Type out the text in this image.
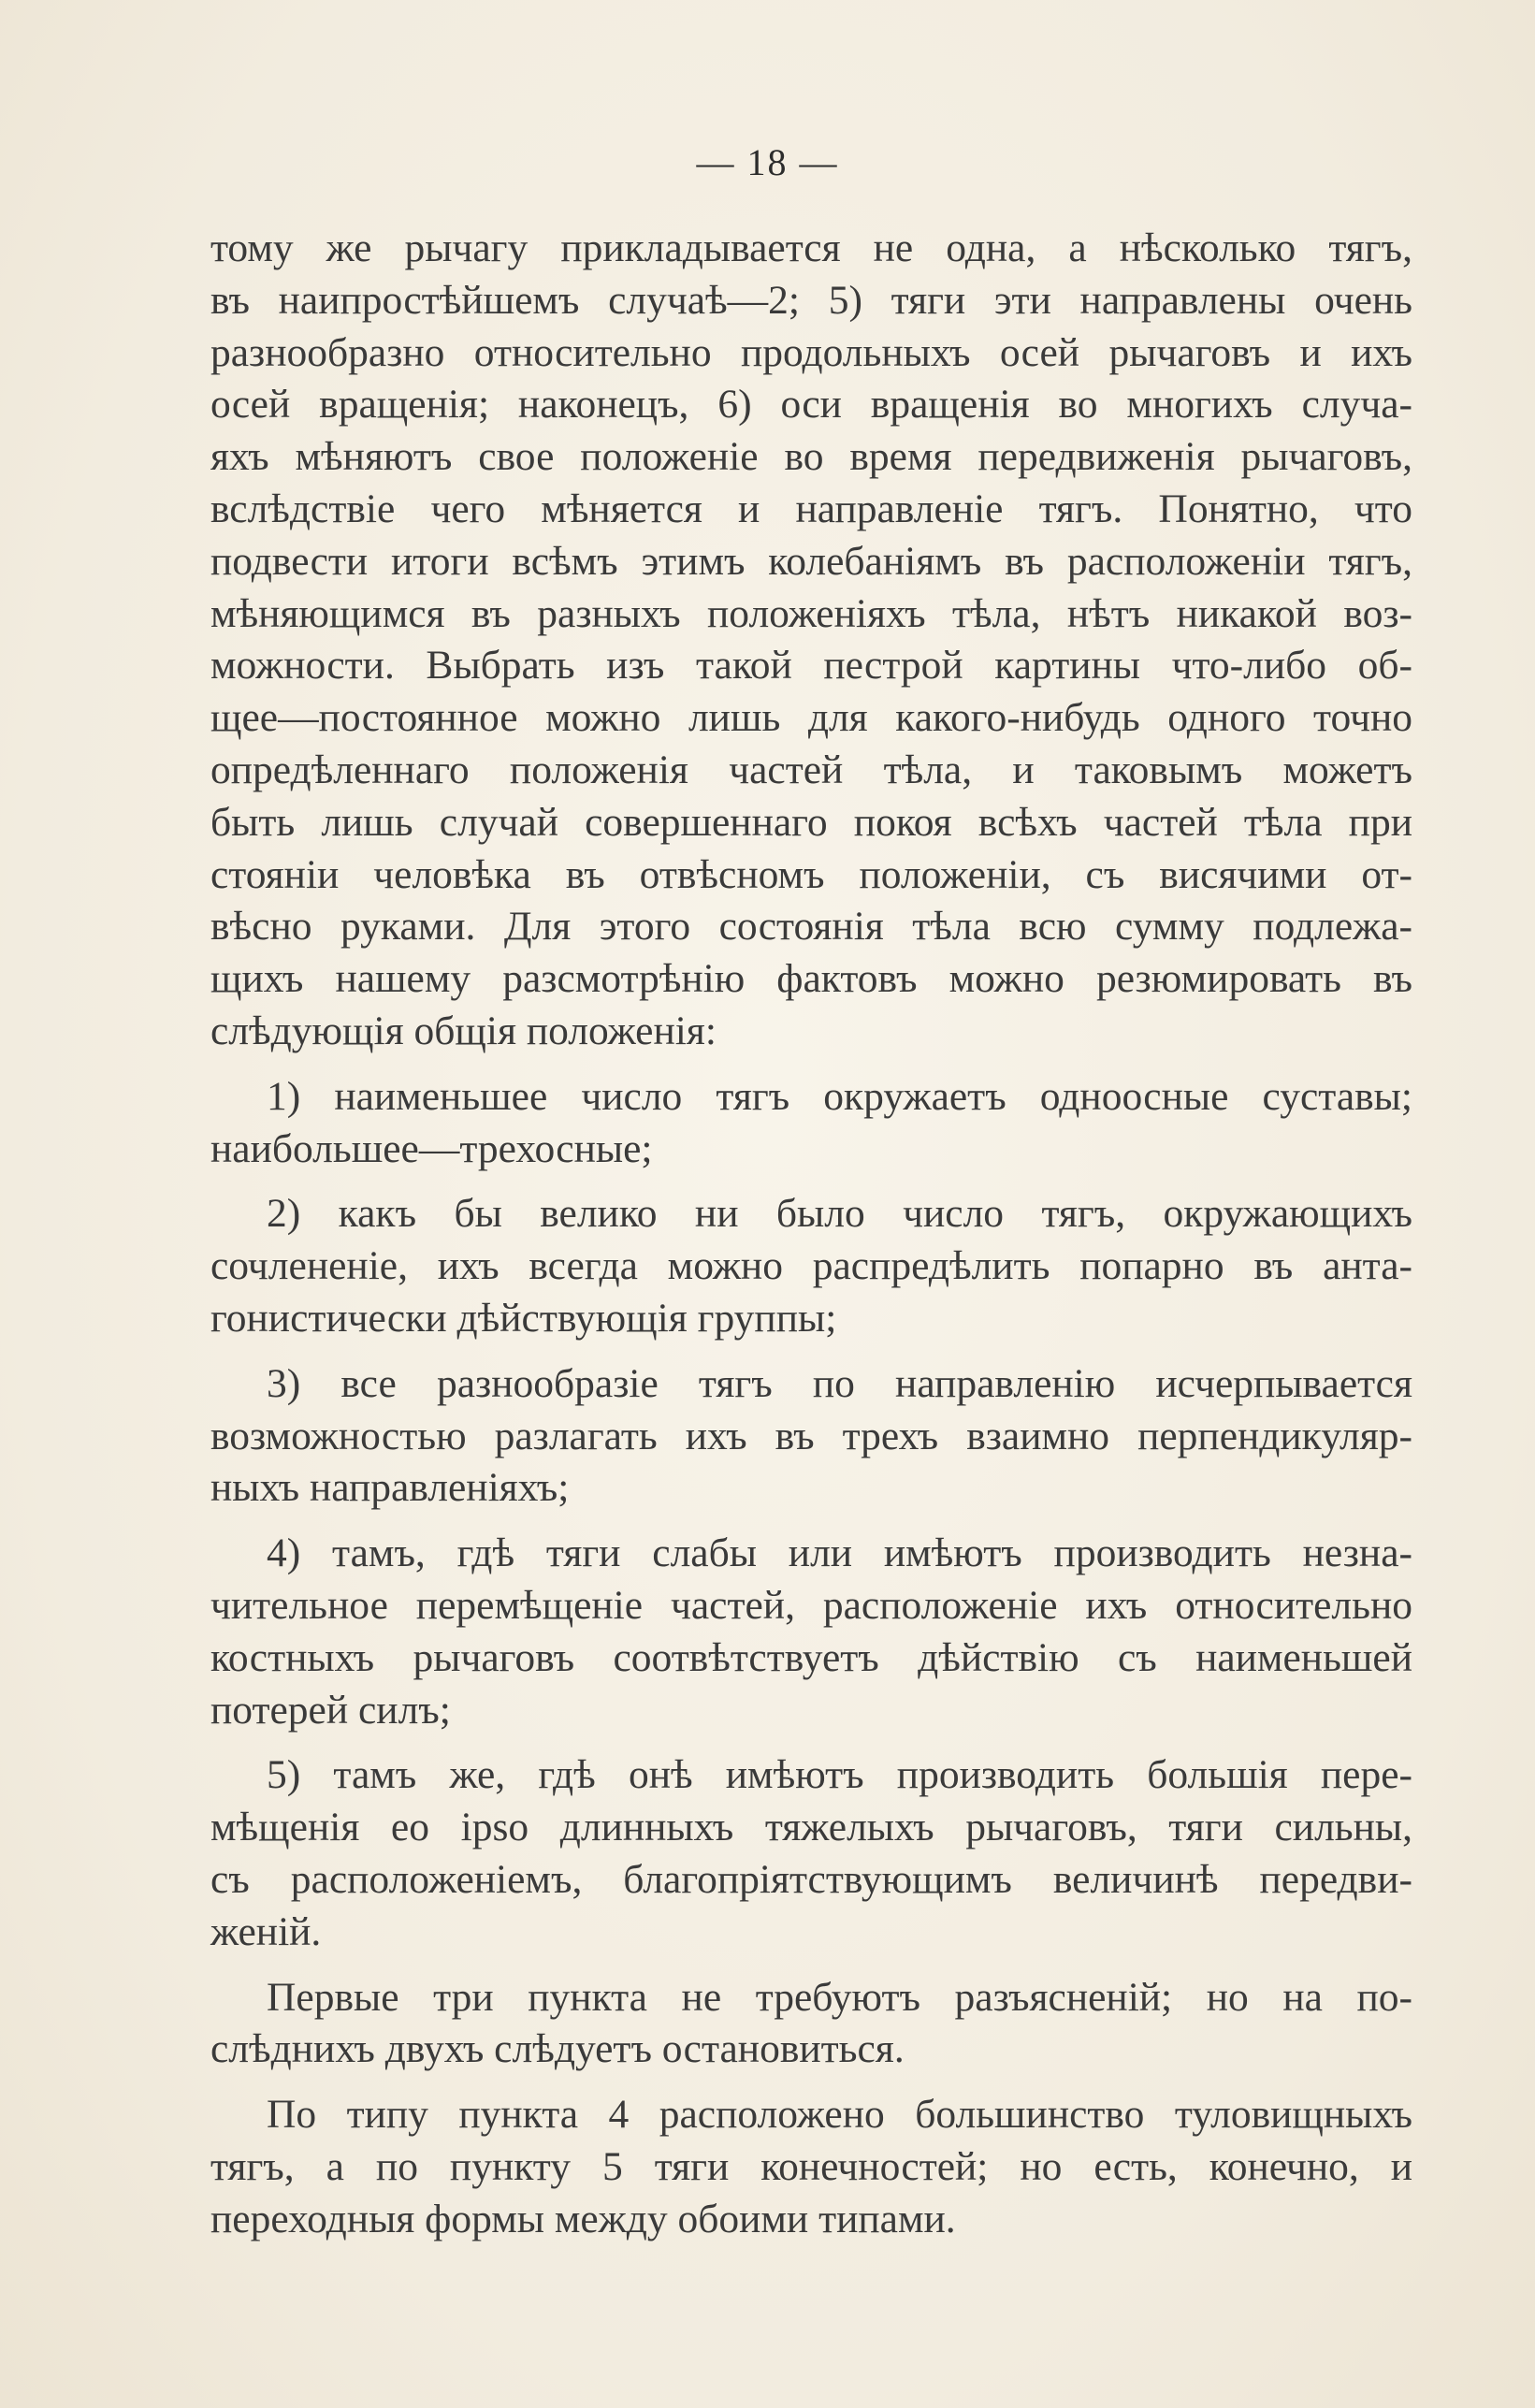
— 18 —
тому же рычагу прикладывается не одна, а нѣсколько тягъ,
въ наипростѣйшемъ случаѣ—2; 5) тяги эти направлены очень
разнообразно относительно продольныхъ осей рычаговъ и ихъ
осей вращенія; наконецъ, 6) оси вращенія во многихъ случа-
яхъ мѣняютъ свое положеніе во время передвиженія рычаговъ,
вслѣдствіе чего мѣняется и направленіе тягъ. Понятно, что
подвести итоги всѣмъ этимъ колебаніямъ въ расположеніи тягъ,
мѣняющимся въ разныхъ положеніяхъ тѣла, нѣтъ никакой воз-
можности. Выбрать изъ такой пестрой картины что-либо об-
щее—постоянное можно лишь для какого-нибудь одного точно
опредѣленнаго положенія частей тѣла, и таковымъ можетъ
быть лишь случай совершеннаго покоя всѣхъ частей тѣла при
стояніи человѣка въ отвѣсномъ положеніи, съ висячими от-
вѣсно руками. Для этого состоянія тѣла всю сумму подлежа-
щихъ нашему разсмотрѣнію фактовъ можно резюмировать въ
слѣдующія общія положенія:
1) наименьшее число тягъ окружаетъ одноосные суставы;
наибольшее—трехосные;
2) какъ бы велико ни было число тягъ, окружающихъ
сочлененіе, ихъ всегда можно распредѣлить попарно въ анта-
гонистически дѣйствующія группы;
3) все разнообразіе тягъ по направленію исчерпывается
возможностью разлагать ихъ въ трехъ взаимно перпендикуляр-
ныхъ направленіяхъ;
4) тамъ, гдѣ тяги слабы или имѣютъ производить незна-
чительное перемѣщеніе частей, расположеніе ихъ относительно
костныхъ рычаговъ соотвѣтствуетъ дѣйствію съ наименьшей
потерей силъ;
5) тамъ же, гдѣ онѣ имѣютъ производить большія пере-
мѣщенія eo ipso длинныхъ тяжелыхъ рычаговъ, тяги сильны,
съ расположеніемъ, благопріятствующимъ величинѣ передви-
женій.
Первые три пункта не требуютъ разъясненій; но на по-
слѣднихъ двухъ слѣдуетъ остановиться.
По типу пункта 4 расположено большинство туловищныхъ
тягъ, а по пункту 5 тяги конечностей; но есть, конечно, и
переходныя формы между обоими типами.
